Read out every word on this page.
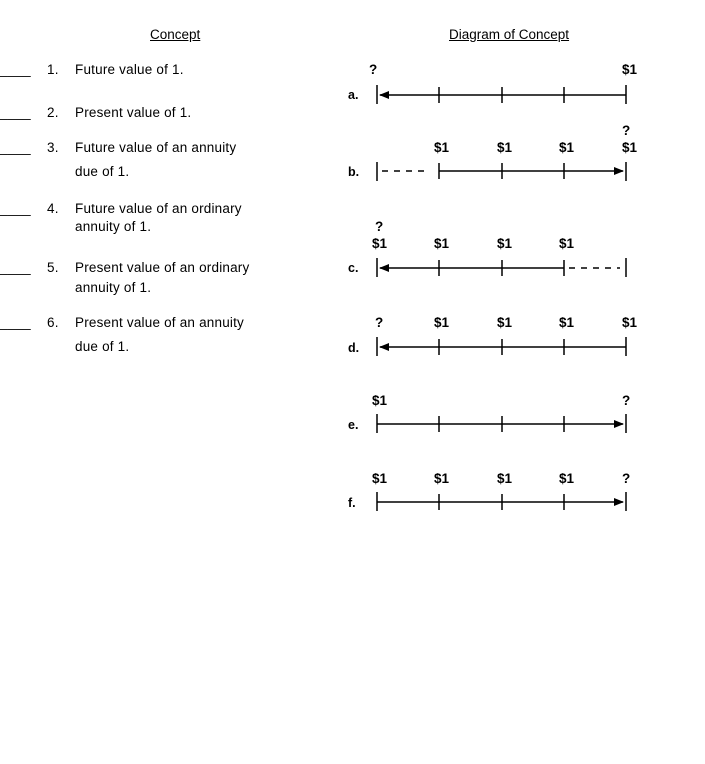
Concept	Diagram of Concept
____ 1. Future value of 1.
____ 2. Present value of 1.
____ 3. Future value of an annuity
due of 1.
____ 4. Future value of an ordinary
annuity of 1.
____ 5. Present value of an ordinary
annuity of 1.
____ 6. Present value of an annuity
due of 1.
a.
?	$1
b.
?
$1	$1	$1	$1
c.
?
$1	$1	$1	$1
d.
?	$1	$1	$1	$1
e.
$1	?
f.
$1	$1	$1	$1	?
